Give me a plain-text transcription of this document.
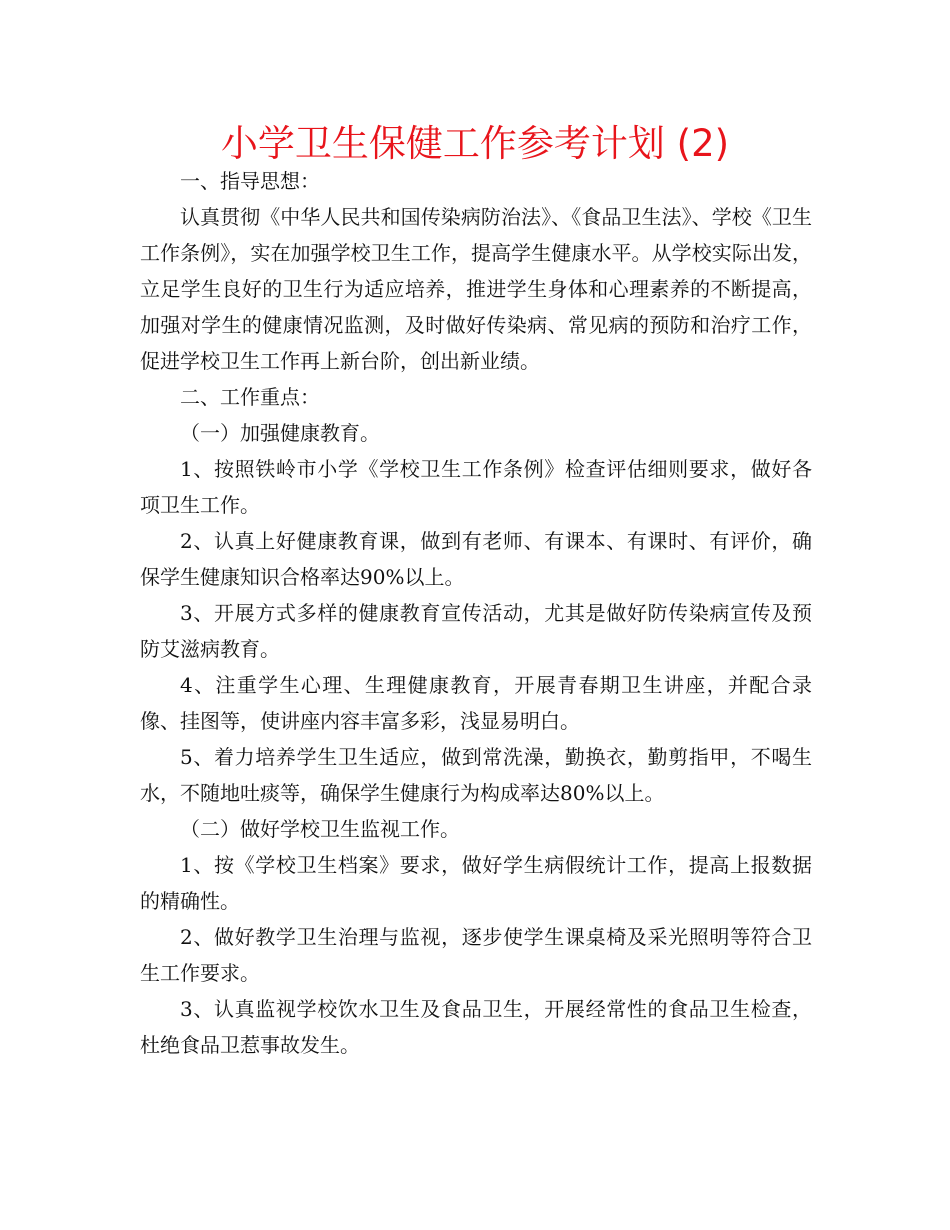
小学卫生保健工作参考计划 (2)

一、指导思想：

认真贯彻《中华人民共和国传染病防治法》、《食品卫生法》、学校《卫生工作条例》，实在加强学校卫生工作，提高学生健康水平。从学校实际出发，立足学生良好的卫生行为适应培养，推进学生身体和心理素养的不断提高，加强对学生的健康情况监测，及时做好传染病、常见病的预防和治疗工作，促进学校卫生工作再上新台阶，创出新业绩。

二、工作重点：

（一）加强健康教育。

1、按照铁岭市小学《学校卫生工作条例》检查评估细则要求，做好各项卫生工作。

2、认真上好健康教育课，做到有老师、有课本、有课时、有评价，确保学生健康知识合格率达90%以上。

3、开展方式多样的健康教育宣传活动，尤其是做好防传染病宣传及预防艾滋病教育。

4、注重学生心理、生理健康教育，开展青春期卫生讲座，并配合录像、挂图等，使讲座内容丰富多彩，浅显易明白。

5、着力培养学生卫生适应，做到常洗澡，勤换衣，勤剪指甲，不喝生水，不随地吐痰等，确保学生健康行为构成率达80%以上。

（二）做好学校卫生监视工作。

1、按《学校卫生档案》要求，做好学生病假统计工作，提高上报数据的精确性。

2、做好教学卫生治理与监视，逐步使学生课桌椅及采光照明等符合卫生工作要求。

3、认真监视学校饮水卫生及食品卫生，开展经常性的食品卫生检查，杜绝食品卫惹事故发生。
